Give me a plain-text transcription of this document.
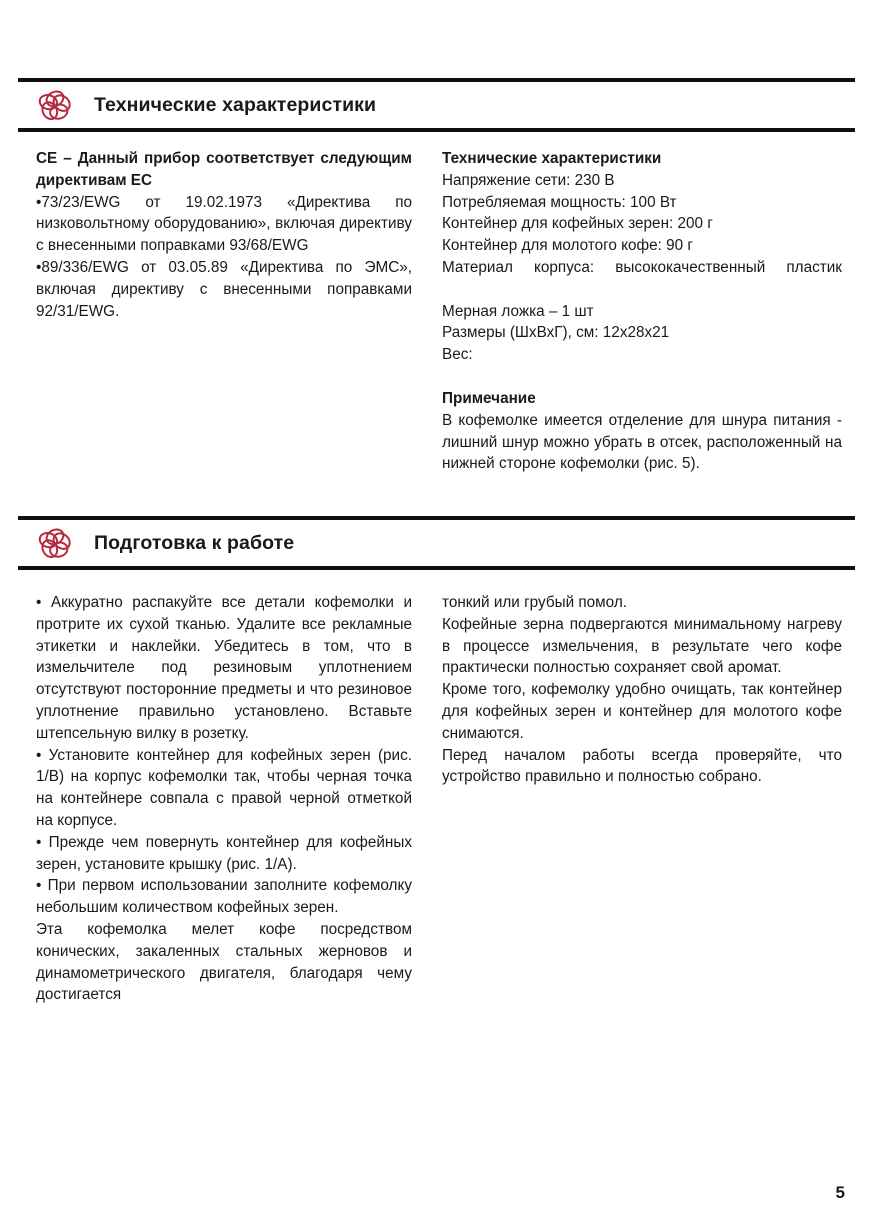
Технические характеристики

CE – Данный прибор соответствует следующим директивам ЕС

•73/23/EWG от 19.02.1973 «Директива по низковольтному оборудованию», включая директиву с внесенными поправками 93/68/EWG

•89/336/EWG от 03.05.89 «Директива по ЭМС», включая директиву с внесенными поправками 92/31/EWG.

Технические характеристики

Напряжение сети: 230 В

Потребляемая мощность: 100 Вт

Контейнер для кофейных зерен: 200 г

Контейнер для молотого кофе: 90 г

Материал корпуса: высококачественный пластик

Мерная ложка – 1 шт

Размеры (ШхВхГ), см: 12x28x21

Вес:

Примечание

В кофемолке имеется отделение для шнура питания - лишний шнур можно убрать в отсек, расположенный на нижней стороне кофемолки (рис. 5).

Подготовка к работе

• Аккуратно распакуйте все детали кофемолки и протрите их сухой тканью. Удалите все рекламные этикетки и наклейки. Убедитесь в том, что в измельчителе под резиновым уплотнением отсутствуют посторонние предметы и что резиновое уплотнение правильно установлено. Вставьте штепсельную вилку в розетку.

• Установите контейнер для кофейных зерен (рис. 1/B) на корпус кофемолки так, чтобы черная точка на контейнере совпала с правой черной отметкой на корпусе.

• Прежде чем повернуть контейнер для кофейных зерен, установите крышку (рис. 1/А).

• При первом использовании заполните кофемолку небольшим количеством кофейных зерен.

Эта кофемолка мелет кофе посредством конических, закаленных стальных жерновов и динамометрического двигателя, благодаря чему достигается

тонкий или грубый помол.

Кофейные зерна подвергаются минимальному нагреву в процессе измельчения, в результате чего кофе практически полностью сохраняет свой аромат.

Кроме того, кофемолку удобно очищать, так контейнер для кофейных зерен и контейнер для молотого кофе снимаются.

Перед началом работы всегда проверяйте, что устройство правильно и полностью собрано.

5
